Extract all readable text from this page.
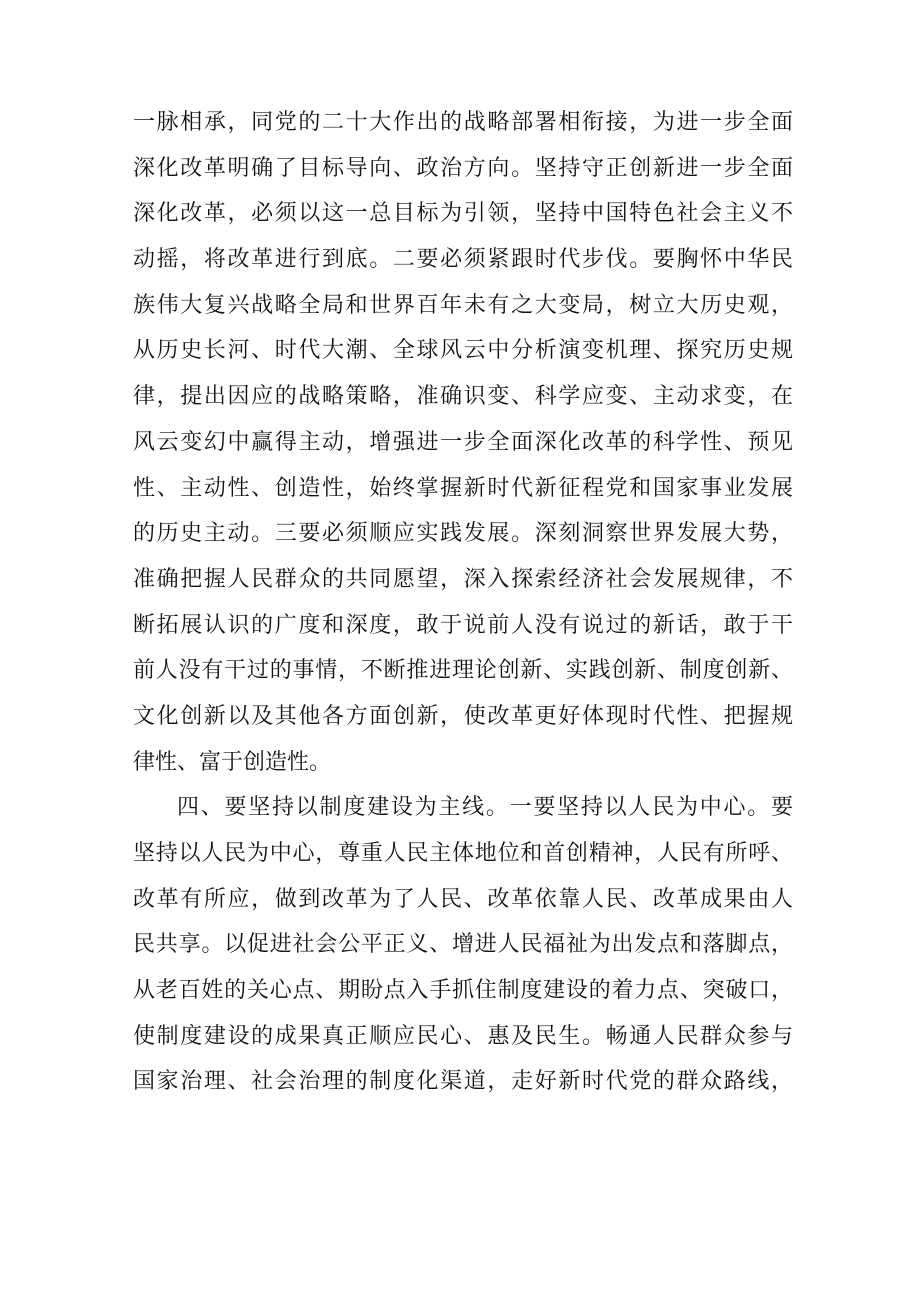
一脉相承，同党的二十大作出的战略部署相衔接，为进一步全面
深化改革明确了目标导向、政治方向。坚持守正创新进一步全面
深化改革，必须以这一总目标为引领，坚持中国特色社会主义不
动摇，将改革进行到底。二要必须紧跟时代步伐。要胸怀中华民
族伟大复兴战略全局和世界百年未有之大变局，树立大历史观，
从历史长河、时代大潮、全球风云中分析演变机理、探究历史规
律，提出因应的战略策略，准确识变、科学应变、主动求变，在
风云变幻中赢得主动，增强进一步全面深化改革的科学性、预见
性、主动性、创造性，始终掌握新时代新征程党和国家事业发展
的历史主动。三要必须顺应实践发展。深刻洞察世界发展大势，
准确把握人民群众的共同愿望，深入探索经济社会发展规律，不
断拓展认识的广度和深度，敢于说前人没有说过的新话，敢于干
前人没有干过的事情，不断推进理论创新、实践创新、制度创新、
文化创新以及其他各方面创新，使改革更好体现时代性、把握规
律性、富于创造性。
四、要坚持以制度建设为主线。一要坚持以人民为中心。要
坚持以人民为中心，尊重人民主体地位和首创精神，人民有所呼、
改革有所应，做到改革为了人民、改革依靠人民、改革成果由人
民共享。以促进社会公平正义、增进人民福祉为出发点和落脚点，
从老百姓的关心点、期盼点入手抓住制度建设的着力点、突破口，
使制度建设的成果真正顺应民心、惠及民生。畅通人民群众参与
国家治理、社会治理的制度化渠道，走好新时代党的群众路线，
